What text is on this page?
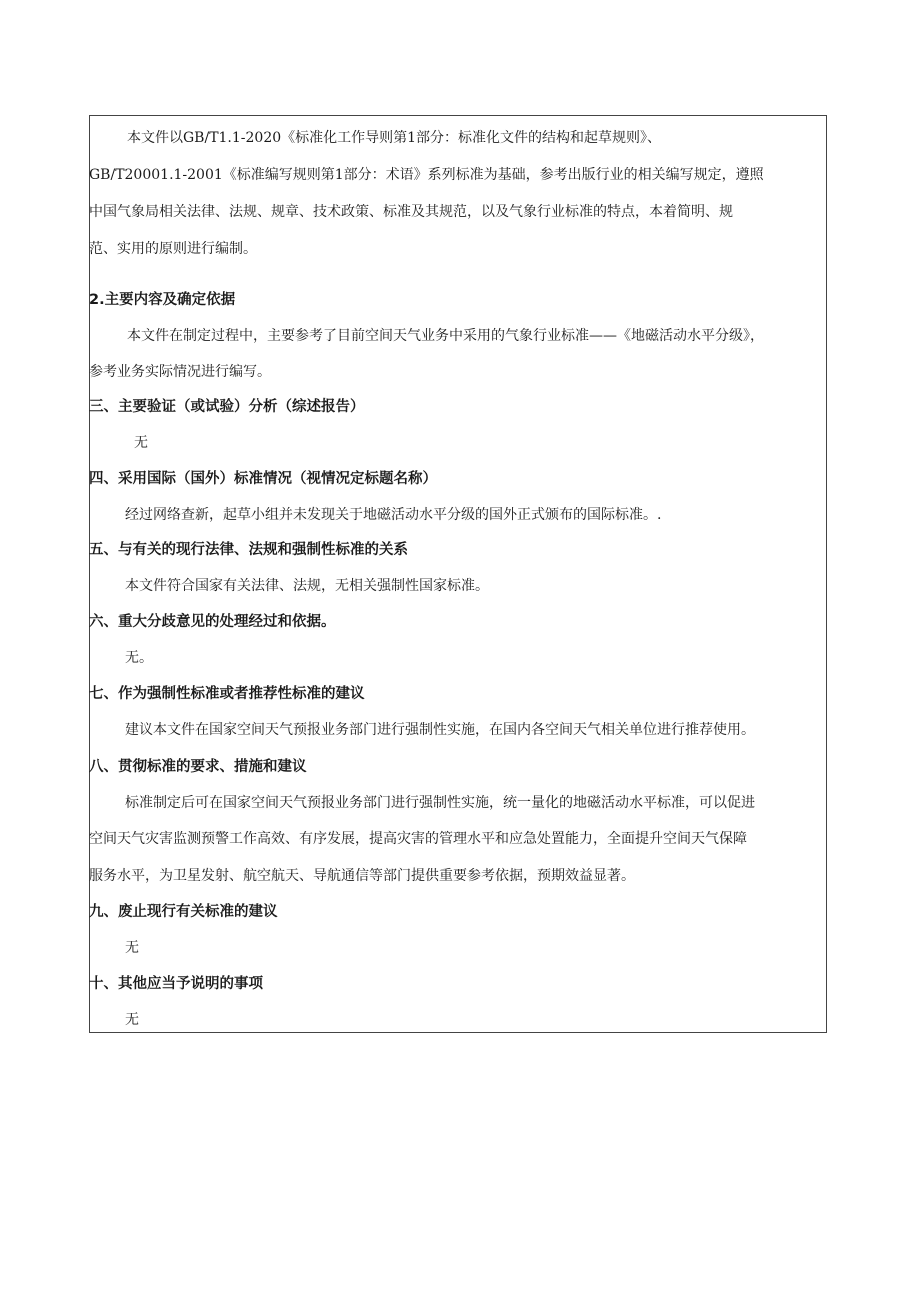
本文件以GB/T1.1-2020《标准化工作导则第1部分：标准化文件的结构和起草规则》、
GB/T20001.1-2001《标准编写规则第1部分：术语》系列标准为基础，参考出版行业的相关编写规定，遵照
中国气象局相关法律、法规、规章、技术政策、标准及其规范，以及气象行业标准的特点，本着简明、规
范、实用的原则进行编制。
2.主要内容及确定依据
本文件在制定过程中，主要参考了目前空间天气业务中采用的气象行业标准——《地磁活动水平分级》，
参考业务实际情况进行编写。
三、主要验证（或试验）分析（综述报告）
无
四、采用国际（国外）标准情况（视情况定标题名称）
经过网络查新，起草小组并未发现关于地磁活动水平分级的国外正式颁布的国际标准。.
五、与有关的现行法律、法规和强制性标准的关系
本文件符合国家有关法律、法规，无相关强制性国家标准。
六、重大分歧意见的处理经过和依据。
无。
七、作为强制性标准或者推荐性标准的建议
建议本文件在国家空间天气预报业务部门进行强制性实施，在国内各空间天气相关单位进行推荐使用。
八、贯彻标准的要求、措施和建议
标准制定后可在国家空间天气预报业务部门进行强制性实施，统一量化的地磁活动水平标准，可以促进
空间天气灾害监测预警工作高效、有序发展，提高灾害的管理水平和应急处置能力，全面提升空间天气保障
服务水平，为卫星发射、航空航天、导航通信等部门提供重要参考依据，预期效益显著。
九、废止现行有关标准的建议
无
十、其他应当予说明的事项
无
